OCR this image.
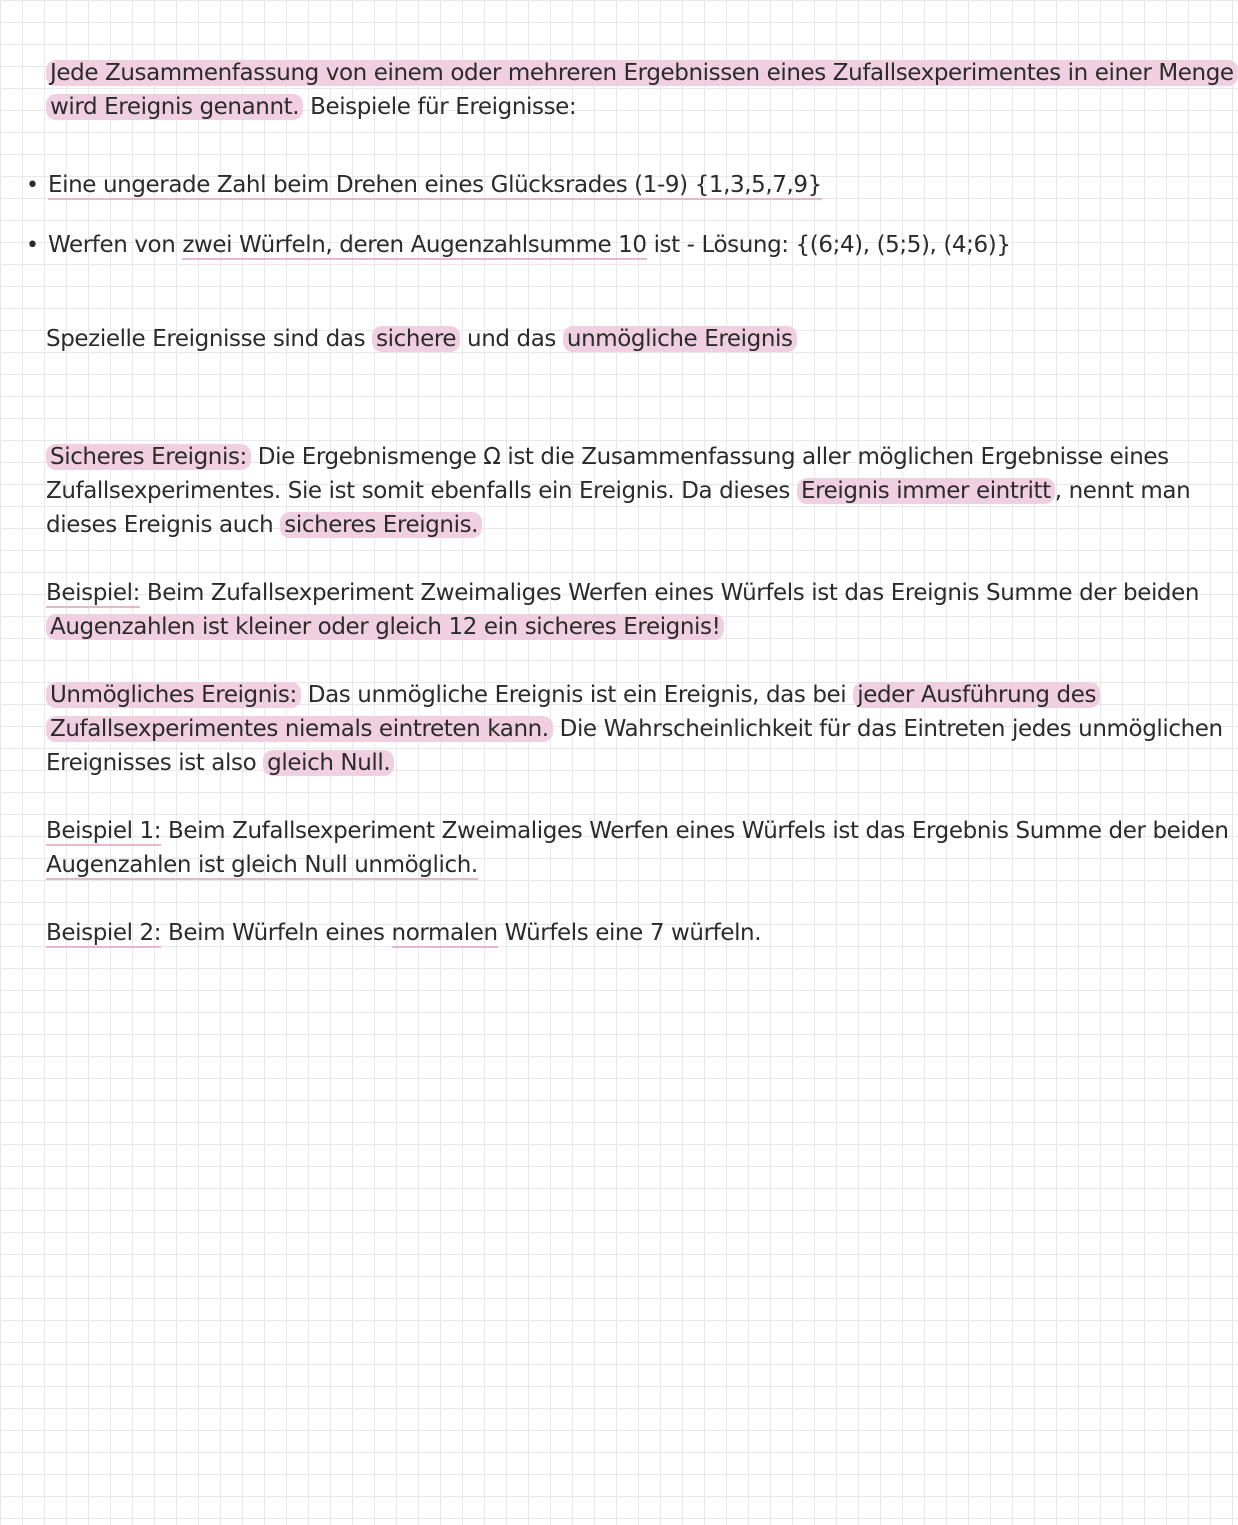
Jede Zusammenfassung von einem oder mehreren Ergebnissen eines Zufallsexperimentes in einer Menge
wird Ereignis genannt. Beispiele für Ereignisse:
• Eine ungerade Zahl beim Drehen eines Glücksrades (1-9) {1,3,5,7,9}
• Werfen von zwei Würfeln, deren Augenzahlsumme 10 ist - Lösung: {(6;4), (5;5), (4;6)}
Spezielle Ereignisse sind das sichere und das unmögliche Ereignis
Sicheres Ereignis: Die Ergebnismenge Ω ist die Zusammenfassung aller möglichen Ergebnisse eines
Zufallsexperimentes. Sie ist somit ebenfalls ein Ereignis. Da dieses Ereignis immer eintritt , nennt man
dieses Ereignis auch sicheres Ereignis.
Beispiel: Beim Zufallsexperiment Zweimaliges Werfen eines Würfels ist das Ereignis Summe der beiden
Augenzahlen ist kleiner oder gleich 12 ein sicheres Ereignis!
Unmögliches Ereignis: Das unmögliche Ereignis ist ein Ereignis, das bei jeder Ausführung des
Zufallsexperimentes niemals eintreten kann. Die Wahrscheinlichkeit für das Eintreten jedes unmöglichen
Ereignisses ist also gleich Null.
Beispiel 1: Beim Zufallsexperiment Zweimaliges Werfen eines Würfels ist das Ergebnis Summe der beiden
Augenzahlen ist gleich Null unmöglich.
Beispiel 2: Beim Würfeln eines normalen Würfels eine 7 würfeln.
